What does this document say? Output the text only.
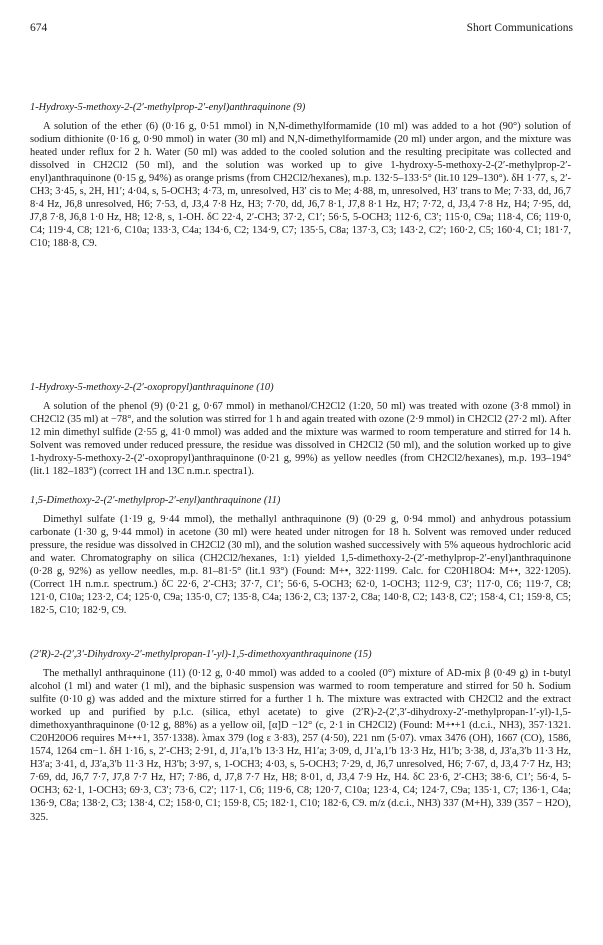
674	Short Communications

1-Hydroxy-5-methoxy-2-(2′-methylprop-2′-enyl)anthraquinone (9)

A solution of the ether (6) (0·16 g, 0·51 mmol) in N,N-dimethylformamide (10 ml) was added to a hot (90°) solution of sodium dithionite (0·16 g, 0·90 mmol) in water (30 ml) and N,N-dimethylformamide (20 ml) under argon, and the mixture was heated under reflux for 2 h. Water (50 ml) was added to the cooled solution and the resulting precipitate was collected and dissolved in CH2Cl2 (50 ml), and the solution was worked up to give 1-hydroxy-5-methoxy-2-(2′-methylprop-2′-enyl)anthraquinone (0·15 g, 94%) as orange prisms (from CH2Cl2/hexanes), m.p. 132·5–133·5° (lit.10 129–130°). δH 1·77, s, 2′-CH3; 3·45, s, 2H, H1′; 4·04, s, 5-OCH3; 4·73, m, unresolved, H3′ cis to Me; 4·88, m, unresolved, H3′ trans to Me; 7·33, dd, J6,7 8·4 Hz, J6,8 unresolved, H6; 7·53, d, J3,4 7·8 Hz, H3; 7·70, dd, J6,7 8·1, J7,8 8·1 Hz, H7; 7·72, d, J3,4 7·8 Hz, H4; 7·95, dd, J7,8 7·8, J6,8 1·0 Hz, H8; 12·8, s, 1-OH. δC 22·4, 2′-CH3; 37·2, C1′; 56·5, 5-OCH3; 112·6, C3′; 115·0, C9a; 118·4, C6; 119·0, C4; 119·4, C8; 121·6, C10a; 133·3, C4a; 134·6, C2; 134·9, C7; 135·5, C8a; 137·3, C3; 143·2, C2′; 160·2, C5; 160·4, C1; 181·7, C10; 188·8, C9.

1-Hydroxy-5-methoxy-2-(2′-oxopropyl)anthraquinone (10)

A solution of the phenol (9) (0·21 g, 0·67 mmol) in methanol/CH2Cl2 (1:20, 50 ml) was treated with ozone (3·8 mmol) in CH2Cl2 (35 ml) at −78°, and the solution was stirred for 1 h and again treated with ozone (2·9 mmol) in CH2Cl2 (27·2 ml). After 12 min dimethyl sulfide (2·55 g, 41·0 mmol) was added and the mixture was warmed to room temperature and stirred for 14 h. Solvent was removed under reduced pressure, the residue was dissolved in CH2Cl2 (50 ml), and the solution worked up to give 1-hydroxy-5-methoxy-2-(2′-oxopropyl)anthraquinone (0·21 g, 99%) as yellow needles (from CH2Cl2/hexanes), m.p. 193–194° (lit.1 182–183°) (correct 1H and 13C n.m.r. spectra1).

1,5-Dimethoxy-2-(2′-methylprop-2′-enyl)anthraquinone (11)

Dimethyl sulfate (1·19 g, 9·44 mmol), the methallyl anthraquinone (9) (0·29 g, 0·94 mmol) and anhydrous potassium carbonate (1·30 g, 9·44 mmol) in acetone (30 ml) were heated under nitrogen for 18 h. Solvent was removed under reduced pressure, the residue was dissolved in CH2Cl2 (30 ml), and the solution washed successively with 5% aqueous hydrochloric acid and water. Chromatography on silica (CH2Cl2/hexanes, 1:1) yielded 1,5-dimethoxy-2-(2′-methylprop-2′-enyl)anthraquinone (0·28 g, 92%) as yellow needles, m.p. 81–81·5° (lit.1 93°) (Found: M+•, 322·1199. Calc. for C20H18O4: M+•, 322·1205). (Correct 1H n.m.r. spectrum.) δC 22·6, 2′-CH3; 37·7, C1′; 56·6, 5-OCH3; 62·0, 1-OCH3; 112·9, C3′; 117·0, C6; 119·7, C8; 121·0, C10a; 123·2, C4; 125·0, C9a; 135·0, C7; 135·8, C4a; 136·2, C3; 137·2, C8a; 140·8, C2; 143·8, C2′; 158·4, C1; 159·8, C5; 182·5, C10; 182·9, C9.

(2′R)-2-(2′,3′-Dihydroxy-2′-methylpropan-1′-yl)-1,5-dimethoxyanthraquinone (15)

The methallyl anthraquinone (11) (0·12 g, 0·40 mmol) was added to a cooled (0°) mixture of AD-mix β (0·49 g) in t-butyl alcohol (1 ml) and water (1 ml), and the biphasic suspension was warmed to room temperature and stirred for 50 h. Sodium sulfite (0·10 g) was added and the mixture stirred for a further 1 h. The mixture was extracted with CH2Cl2 and the extract worked up and purified by p.l.c. (silica, ethyl acetate) to give (2′R)-2-(2′,3′-dihydroxy-2′-methylpropan-1′-yl)-1,5-dimethoxyanthraquinone (0·12 g, 88%) as a yellow oil, [α]D −12° (c, 2·1 in CH2Cl2) (Found: M+•+1 (d.c.i., NH3), 357·1321. C20H20O6 requires M+•+1, 357·1338). λmax 379 (log ε 3·83), 257 (4·50), 221 nm (5·07). νmax 3476 (OH), 1667 (CO), 1586, 1574, 1264 cm−1. δH 1·16, s, 2′-CH3; 2·91, d, J1′a,1′b 13·3 Hz, H1′a; 3·09, d, J1′a,1′b 13·3 Hz, H1′b; 3·38, d, J3′a,3′b 11·3 Hz, H3′a; 3·41, d, J3′a,3′b 11·3 Hz, H3′b; 3·97, s, 1-OCH3; 4·03, s, 5-OCH3; 7·29, d, J6,7 unresolved, H6; 7·67, d, J3,4 7·7 Hz, H3; 7·69, dd, J6,7 7·7, J7,8 7·7 Hz, H7; 7·86, d, J7,8 7·7 Hz, H8; 8·01, d, J3,4 7·9 Hz, H4. δC 23·6, 2′-CH3; 38·6, C1′; 56·4, 5-OCH3; 62·1, 1-OCH3; 69·3, C3′; 73·6, C2′; 117·1, C6; 119·6, C8; 120·7, C10a; 123·4, C4; 124·7, C9a; 135·1, C7; 136·1, C4a; 136·9, C8a; 138·2, C3; 138·4, C2; 158·0, C1; 159·8, C5; 182·1, C10; 182·6, C9. m/z (d.c.i., NH3) 337 (M+H), 339 (357 − H2O), 325.
